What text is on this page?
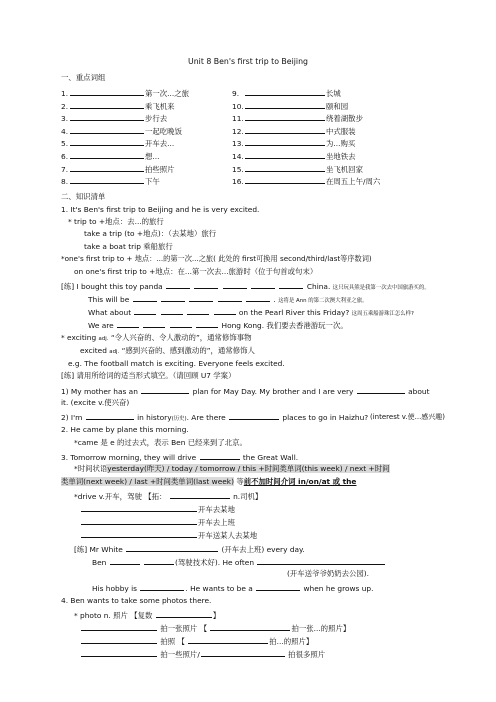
Unit 8 Ben's first trip to Beijing
一、重点词组
1.	第一次...之旅
2.	乘飞机来
3.	步行去
4.	一起吃晚饭
5.	开车去...
6.	想...
7.	拍些照片
8.	下午
9.	长城
10.	颐和园
11.	绕着湖散步
12.	中式服装
13.	为...购买
14.	坐地铁去
15.	坐飞机回家
16.	在周五上午/周六
二、知识清单
1. It's Ben's first trip to Beijing and he is very excited.
* trip to +地点：去...的旅行
take a trip (to +地点)：（去某地）旅行
take a boat trip 乘船旅行
*one's first trip to + 地点：...的第一次...之旅( 此处的 first可换用 second/third/last等序数词)
on one's first trip to +地点：在...第一次去...旅游时（位于句首或句末）
[练] I bought this toy panda	China. 这只玩具熊是我第一次去中国旅游买的。
This will be	. 这将是 Ann 的第二次澳大利亚之旅。
What about	on the Pearl River this Friday? 这周五乘船游珠江怎么样?
We are	Hong Kong. 我们要去香港游玩一次。
* exciting adj. “令人兴奋的、令人激动的”，通常修饰事物
excited adj. “感到兴奋的、感到激动的”，通常修饰人
e.g. The football match is exciting. Everyone feels excited.
[练] 请用所给词的适当形式填空。（请回顾 U7 学案）
1) My mother has an	plan for May Day. My brother and I are very	about
it. (excite v.使兴奋)
2) I'm	in history(历史). Are there	places to go in Haizhu? (interest v.使...感兴趣)
2. He came by plane this morning.
*came 是 e 的过去式，表示 Ben 已经来到了北京。
3. Tomorrow morning, they will drive	the Great Wall.
*时间状语yesterday(昨天) / today / tomorrow / this +时间类单词(this week) / next +时间
类单词(next week) / last +时间类单词(last week) 等前不加时间介词 in/on/at 或 the
*drive v.开车，驾驶 【拓：	n.司机】
开车去某地
开车去上班
开车送某人去某地
[练] Mr White	(开车去上班) every day.
Ben	(驾驶技术好). He often
(开车送爷爷奶奶去公园).
His hobby is	. He wants to be a	when he grows up.
4. Ben wants to take some photos there.
* photo n. 照片 【复数	】
拍一张照片 【	拍一张...的照片】
拍照 【	拍...的照片】
拍一些照片/	拍很多照片
